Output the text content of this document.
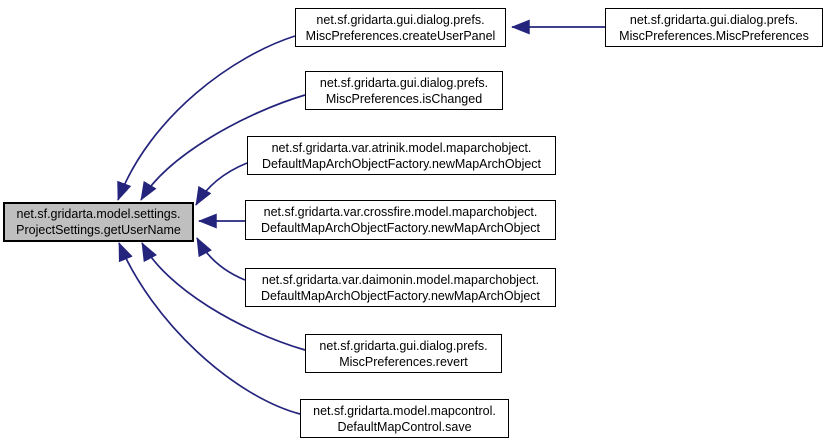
net.sf.gridarta.model.settings.
ProjectSettings.getUserName
net.sf.gridarta.gui.dialog.prefs.
MiscPreferences.createUserPanel
net.sf.gridarta.gui.dialog.prefs.
MiscPreferences.isChanged
net.sf.gridarta.var.atrinik.model.maparchobject.
DefaultMapArchObjectFactory.newMapArchObject
net.sf.gridarta.var.crossfire.model.maparchobject.
DefaultMapArchObjectFactory.newMapArchObject
net.sf.gridarta.var.daimonin.model.maparchobject.
DefaultMapArchObjectFactory.newMapArchObject
net.sf.gridarta.gui.dialog.prefs.
MiscPreferences.revert
net.sf.gridarta.model.mapcontrol.
DefaultMapControl.save
net.sf.gridarta.gui.dialog.prefs.
MiscPreferences.MiscPreferences
